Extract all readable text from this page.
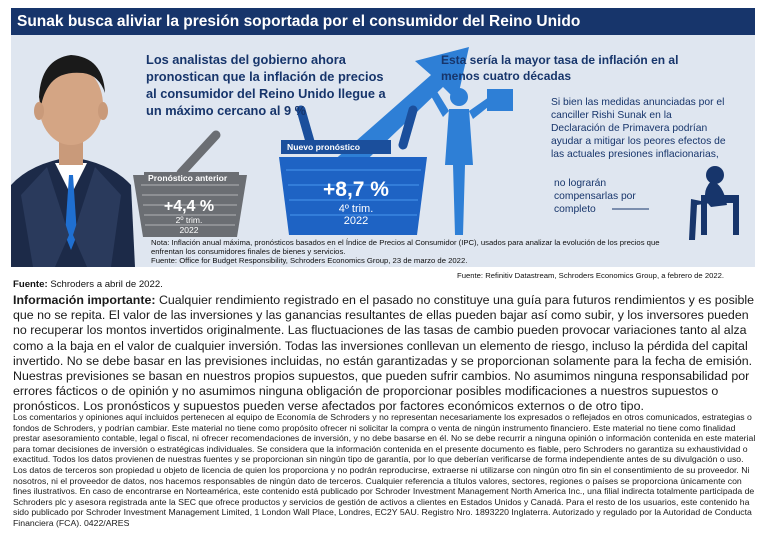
Sunak busca aliviar la presión soportada por el consumidor del Reino Unido
Los analistas del gobierno ahora pronostican que la inflación de precios al consumidor del Reino Unido llegue a un máximo cercano al 9 %
Esta sería la mayor tasa de inflación en al menos cuatro décadas
Si bien las medidas anunciadas por el canciller Rishi Sunak en la Declaración de Primavera podrían ayudar a mitigar los peores efectos de las actuales presiones inflacionarias,
no lograrán compensarlas por completo
Pronóstico anterior
+4,4 %
2º trim.
2022
Nuevo pronóstico
+8,7 %
4º trim.
2022
Nota: Inflación anual máxima, pronósticos basados en el Índice de Precios al Consumidor (IPC), usados para analizar la evolución de los precios que
enfrentan los consumidores finales de bienes y servicios.
Fuente: Office for Budget Responsibility, Schroders Economics Group, 23 de marzo de 2022.
Fuente: Refinitiv Datastream, Schroders Economics Group, a febrero de 2022.
Fuente: Schroders a abril de 2022.
Información importante: Cualquier rendimiento registrado en el pasado no constituye una guía para futuros rendimientos y es posible que no se repita. El valor de las inversiones y las ganancias resultantes de ellas pueden bajar así como subir, y los inversores pueden no recuperar los montos invertidos originalmente. Las fluctuaciones de las tasas de cambio pueden provocar variaciones tanto al alza como a la baja en el valor de cualquier inversión. Todas las inversiones conllevan un elemento de riesgo, incluso la pérdida del capital invertido. No se debe basar en las previsiones incluidas, no están garantizadas y se proporcionan solamente para la fecha de emisión. Nuestras previsiones se basan en nuestros propios supuestos, que pueden sufrir cambios. No asumimos ninguna responsabilidad por errores fácticos o de opinión y no asumimos ninguna obligación de proporcionar posibles modificaciones a nuestros supuestos o pronósticos. Los pronósticos y supuestos pueden verse afectados por factores económicos externos o de otro tipo.
Los comentarios y opiniones aquí incluidos pertenecen al equipo de Economía de Schroders y no representan necesariamente los expresados o reflejados en otros comunicados, estrategias o fondos de Schroders, y podrían cambiar. Este material no tiene como propósito ofrecer ni solicitar la compra o venta de ningún instrumento financiero. Este material no tiene como finalidad prestar asesoramiento contable, legal o fiscal, ni ofrecer recomendaciones de inversión, y no debe basarse en él. No se debe recurrir a ninguna opinión o información contenida en este material para tomar decisiones de inversión o estratégicas individuales. Se considera que la información contenida en el presente documento es fiable, pero Schroders no garantiza su exhaustividad o exactitud. Todos los datos provienen de nuestras fuentes y se proporcionan sin ningún tipo de garantía, por lo que deberían verificarse de forma independiente antes de su divulgación o uso. Los datos de terceros son propiedad u objeto de licencia de quien los proporciona y no podrán reproducirse, extraerse ni utilizarse con ningún otro fin sin el consentimiento de su proveedor. Ni nosotros, ni el proveedor de datos, nos hacemos responsables de ningún dato de terceros. Cualquier referencia a títulos valores, sectores, regiones o países se proporciona únicamente con fines ilustrativos. En caso de encontrarse en Norteamérica, este contenido está publicado por Schroder Investment Management North America Inc., una filial indirecta totalmente participada de Schroders plc y asesora registrada ante la SEC que ofrece productos y servicios de gestión de activos a clientes en Estados Unidos y Canadá. Para el resto de los usuarios, este contenido ha sido publicado por Schroder Investment Management Limited, 1 London Wall Place, Londres, EC2Y 5AU. Registro Nro. 1893220 Inglaterra. Autorizado y regulado por la Autoridad de Conducta Financiera (FCA). 0422/ARES
